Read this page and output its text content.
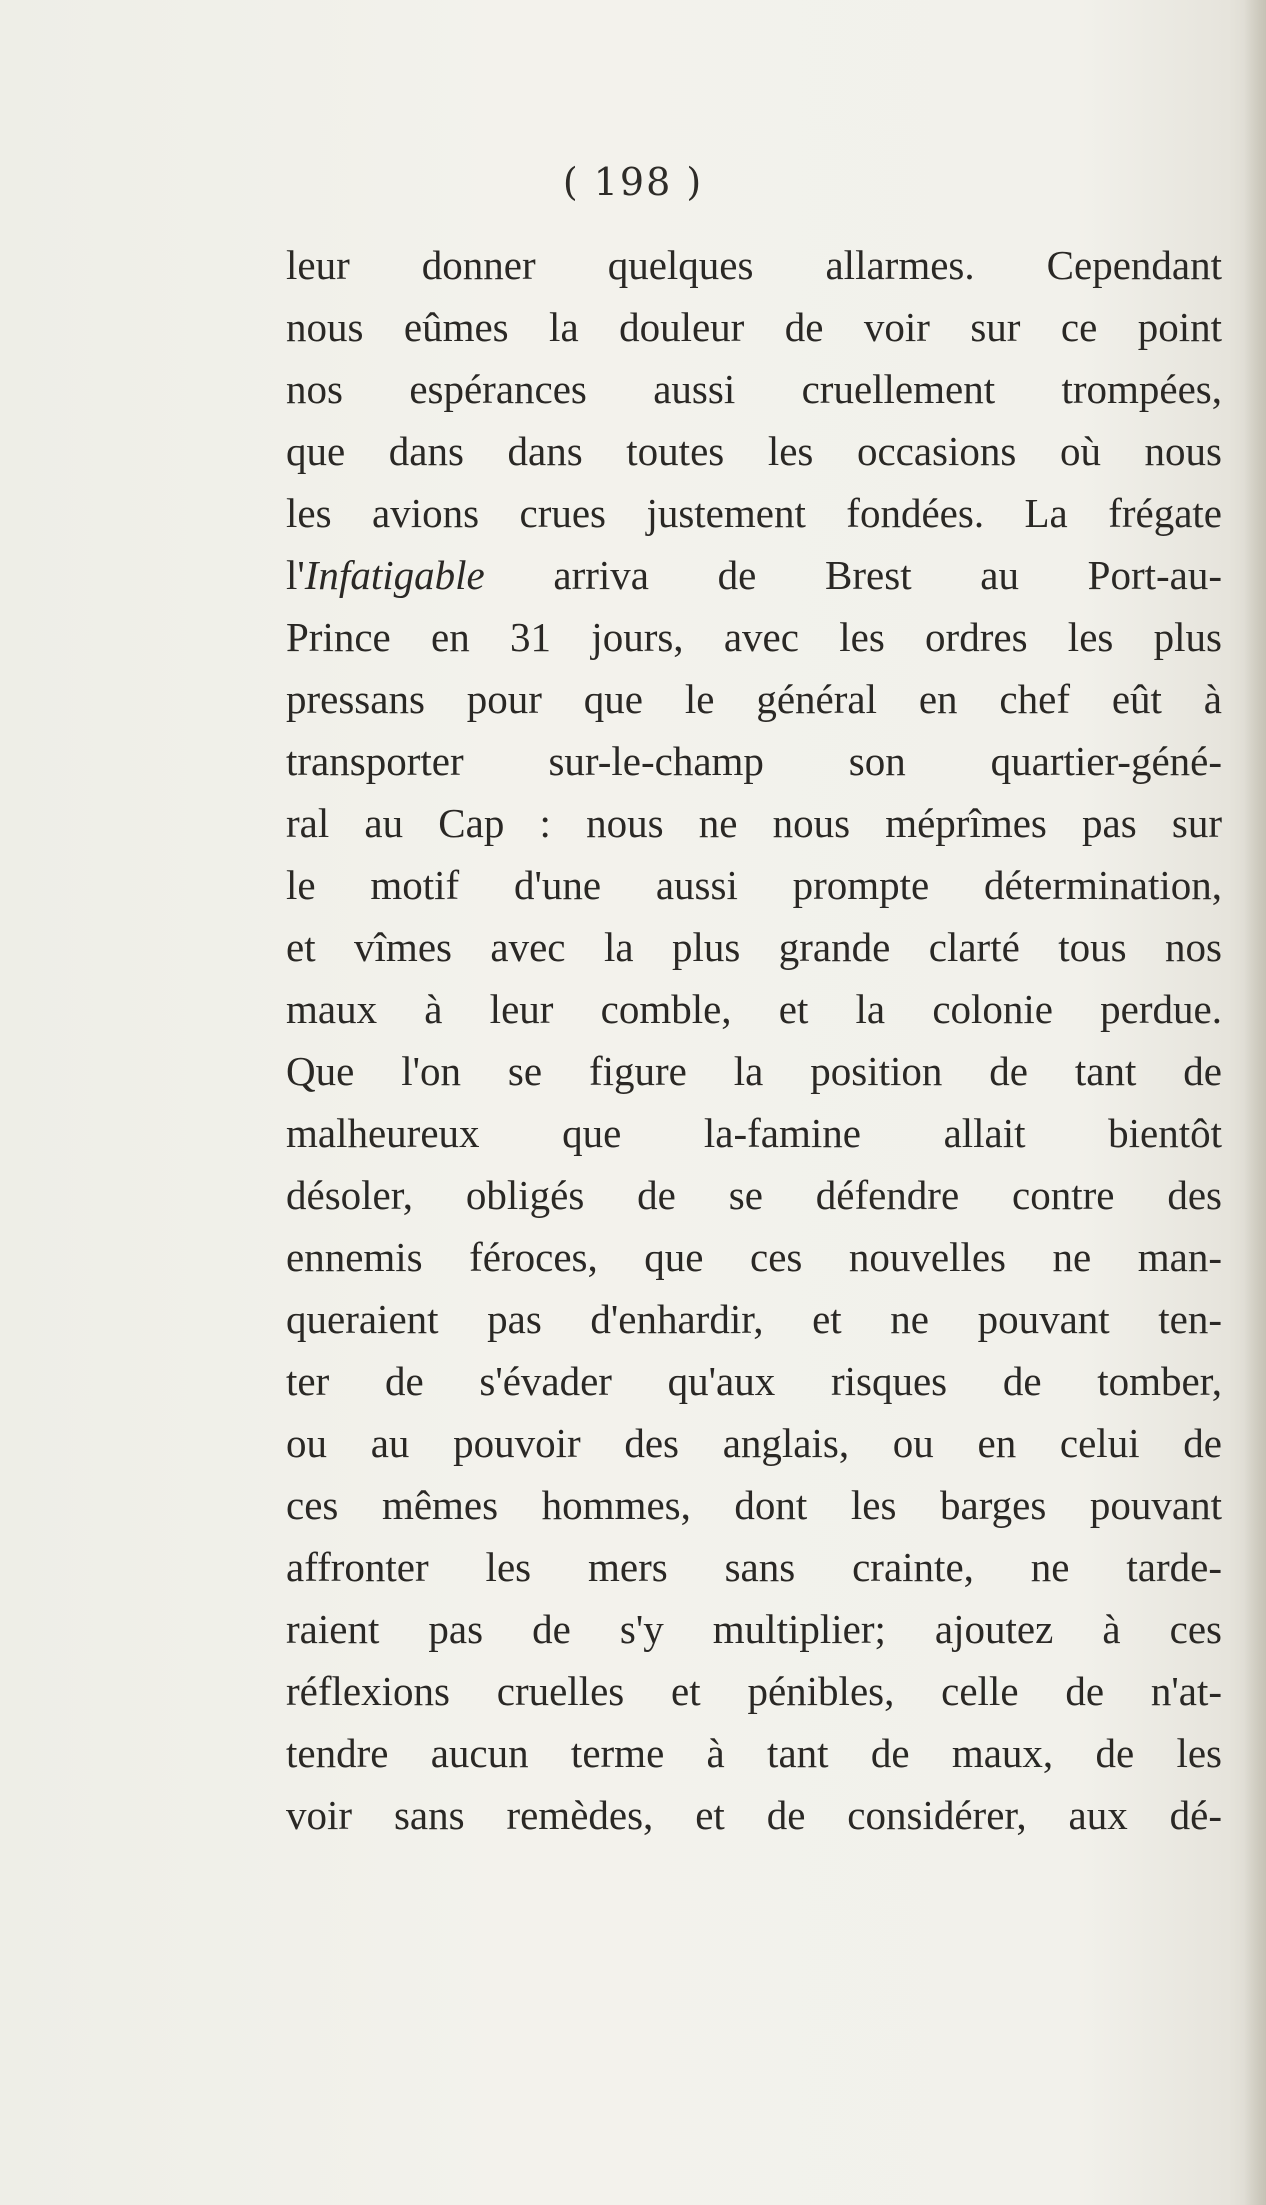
( 198 )
leur donner quelques allarmes. Cependant
nous eûmes la douleur de voir sur ce point
nos espérances aussi cruellement trompées,
que dans dans toutes les occasions où nous
les avions crues justement fondées. La frégate
l'Infatigable arriva de Brest au Port-au-
Prince en 31 jours, avec les ordres les plus
pressans pour que le général en chef eût à
transporter sur-le-champ son quartier-géné-
ral au Cap : nous ne nous méprîmes pas sur
le motif d'une aussi prompte détermination,
et vîmes avec la plus grande clarté tous nos
maux à leur comble, et la colonie perdue.
Que l'on se figure la position de tant de
malheureux que la-famine allait bientôt
désoler, obligés de se défendre contre des
ennemis féroces, que ces nouvelles ne man-
queraient pas d'enhardir, et ne pouvant ten-
ter de s'évader qu'aux risques de tomber,
ou au pouvoir des anglais, ou en celui de
ces mêmes hommes, dont les barges pouvant
affronter les mers sans crainte, ne tarde-
raient pas de s'y multiplier; ajoutez à ces
réflexions cruelles et pénibles, celle de n'at-
tendre aucun terme à tant de maux, de les
voir sans remèdes, et de considérer, aux dé-
